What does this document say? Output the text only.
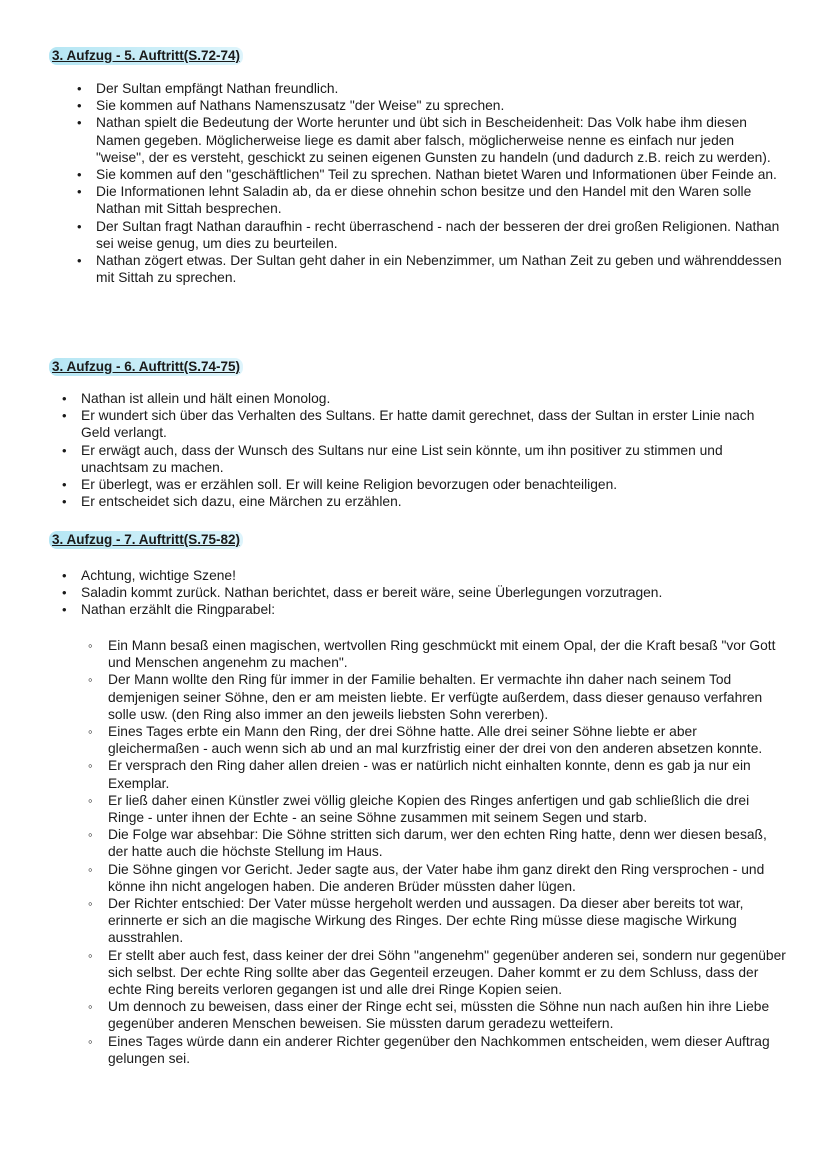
3. Aufzug - 5. Auftritt(S.72-74)
• Der Sultan empfängt Nathan freundlich.
• Sie kommen auf Nathans Namenszusatz "der Weise" zu sprechen.
• Nathan spielt die Bedeutung der Worte herunter und übt sich in Bescheidenheit: Das Volk habe ihm diesen Namen gegeben. Möglicherweise liege es damit aber falsch, möglicherweise nenne es einfach nur jeden "weise", der es versteht, geschickt zu seinen eigenen Gunsten zu handeln (und dadurch z.B. reich zu werden).
• Sie kommen auf den "geschäftlichen" Teil zu sprechen. Nathan bietet Waren und Informationen über Feinde an.
• Die Informationen lehnt Saladin ab, da er diese ohnehin schon besitze und den Handel mit den Waren solle Nathan mit Sittah besprechen.
• Der Sultan fragt Nathan daraufhin - recht überraschend - nach der besseren der drei großen Religionen. Nathan sei weise genug, um dies zu beurteilen.
• Nathan zögert etwas. Der Sultan geht daher in ein Nebenzimmer, um Nathan Zeit zu geben und währenddessen mit Sittah zu sprechen.
3. Aufzug - 6. Auftritt(S.74-75)
• Nathan ist allein und hält einen Monolog.
• Er wundert sich über das Verhalten des Sultans. Er hatte damit gerechnet, dass der Sultan in erster Linie nach Geld verlangt.
• Er erwägt auch, dass der Wunsch des Sultans nur eine List sein könnte, um ihn positiver zu stimmen und unachtsam zu machen.
• Er überlegt, was er erzählen soll. Er will keine Religion bevorzugen oder benachteiligen.
• Er entscheidet sich dazu, eine Märchen zu erzählen.
3. Aufzug - 7. Auftritt(S.75-82)
• Achtung, wichtige Szene!
• Saladin kommt zurück. Nathan berichtet, dass er bereit wäre, seine Überlegungen vorzutragen.
• Nathan erzählt die Ringparabel:
◦ Ein Mann besaß einen magischen, wertvollen Ring geschmückt mit einem Opal, der die Kraft besaß "vor Gott und Menschen angenehm zu machen".
◦ Der Mann wollte den Ring für immer in der Familie behalten. Er vermachte ihn daher nach seinem Tod demjenigen seiner Söhne, den er am meisten liebte. Er verfügte außerdem, dass dieser genauso verfahren solle usw. (den Ring also immer an den jeweils liebsten Sohn vererben).
◦ Eines Tages erbte ein Mann den Ring, der drei Söhne hatte. Alle drei seiner Söhne liebte er aber gleichermaßen - auch wenn sich ab und an mal kurzfristig einer der drei von den anderen absetzen konnte.
◦ Er versprach den Ring daher allen dreien - was er natürlich nicht einhalten konnte, denn es gab ja nur ein Exemplar.
◦ Er ließ daher einen Künstler zwei völlig gleiche Kopien des Ringes anfertigen und gab schließlich die drei Ringe - unter ihnen der Echte - an seine Söhne zusammen mit seinem Segen und starb.
◦ Die Folge war absehbar: Die Söhne stritten sich darum, wer den echten Ring hatte, denn wer diesen besaß, der hatte auch die höchste Stellung im Haus.
◦ Die Söhne gingen vor Gericht. Jeder sagte aus, der Vater habe ihm ganz direkt den Ring versprochen - und könne ihn nicht angelogen haben. Die anderen Brüder müssten daher lügen.
◦ Der Richter entschied: Der Vater müsse hergeholt werden und aussagen. Da dieser aber bereits tot war, erinnerte er sich an die magische Wirkung des Ringes. Der echte Ring müsse diese magische Wirkung ausstrahlen.
◦ Er stellt aber auch fest, dass keiner der drei Söhn "angenehm" gegenüber anderen sei, sondern nur gegenüber sich selbst. Der echte Ring sollte aber das Gegenteil erzeugen. Daher kommt er zu dem Schluss, dass der echte Ring bereits verloren gegangen ist und alle drei Ringe Kopien seien.
◦ Um dennoch zu beweisen, dass einer der Ringe echt sei, müssten die Söhne nun nach außen hin ihre Liebe gegenüber anderen Menschen beweisen. Sie müssten darum geradezu wetteifern.
◦ Eines Tages würde dann ein anderer Richter gegenüber den Nachkommen entscheiden, wem dieser Auftrag gelungen sei.
